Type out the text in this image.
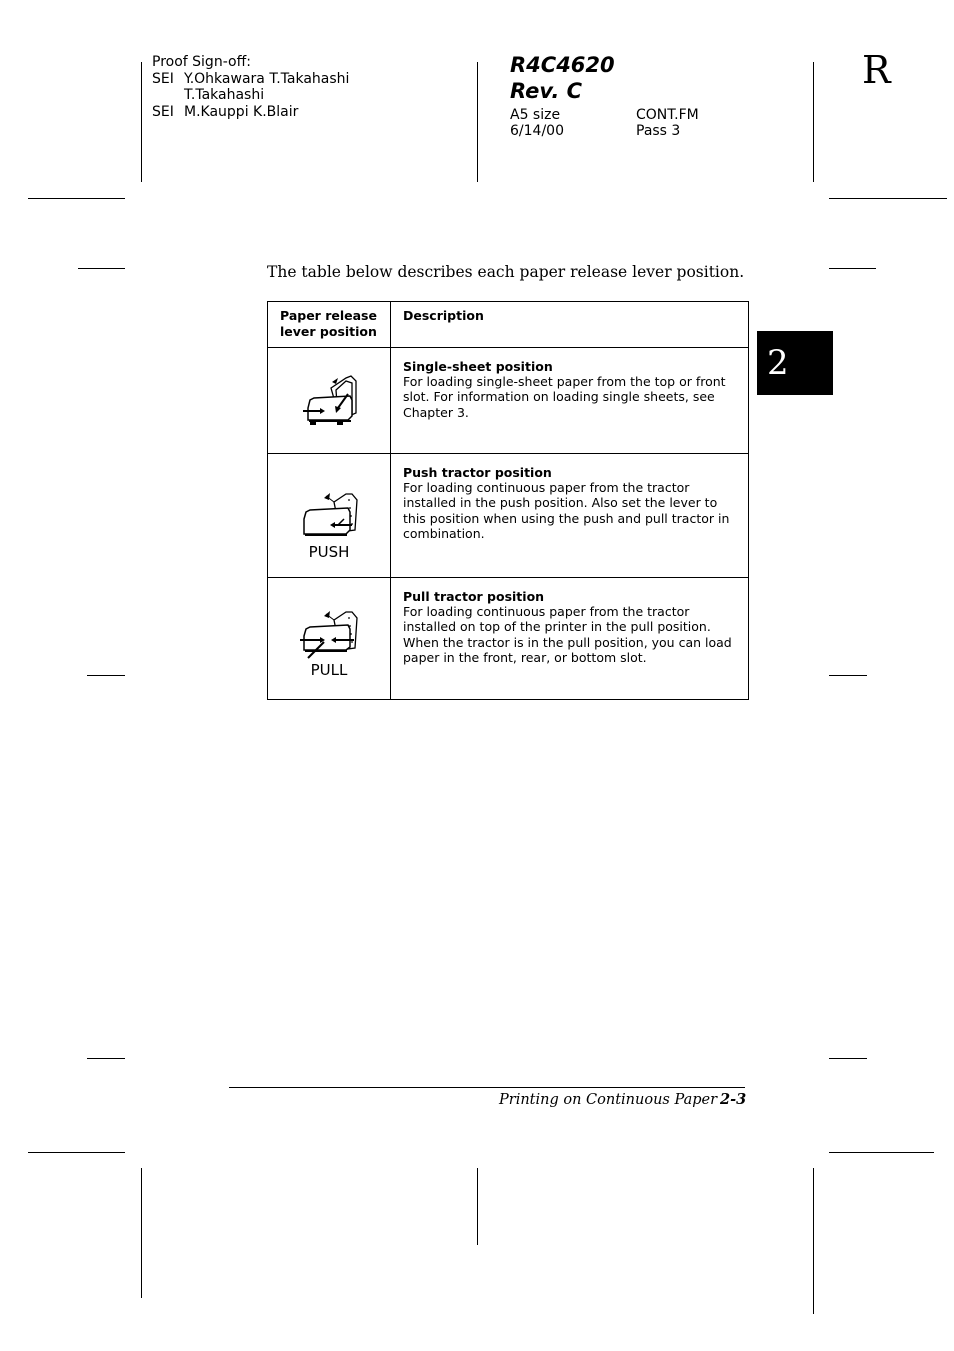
Proof Sign-off:
SEI Y.Ohkawara T.Takahashi
T.Takahashi
SEI M.Kauppi K.Blair
R4C4620
Rev. C
A5 size
6/14/00
CONT.FM
Pass 3
R
The table below describes each paper release lever position.
Paper release lever position	Description

Single-sheet position
For loading single-sheet paper from the top or front slot. For information on loading single sheets, see Chapter 3.

PUSH	Push tractor position
For loading continuous paper from the tractor installed in the push position. Also set the lever to this position when using the push and pull tractor in combination.

PULL	Pull tractor position
For loading continuous paper from the tractor installed on top of the printer in the pull position. When the tractor is in the pull position, you can load paper in the front, rear, or bottom slot.
2
Printing on Continuous Paper 2-3
